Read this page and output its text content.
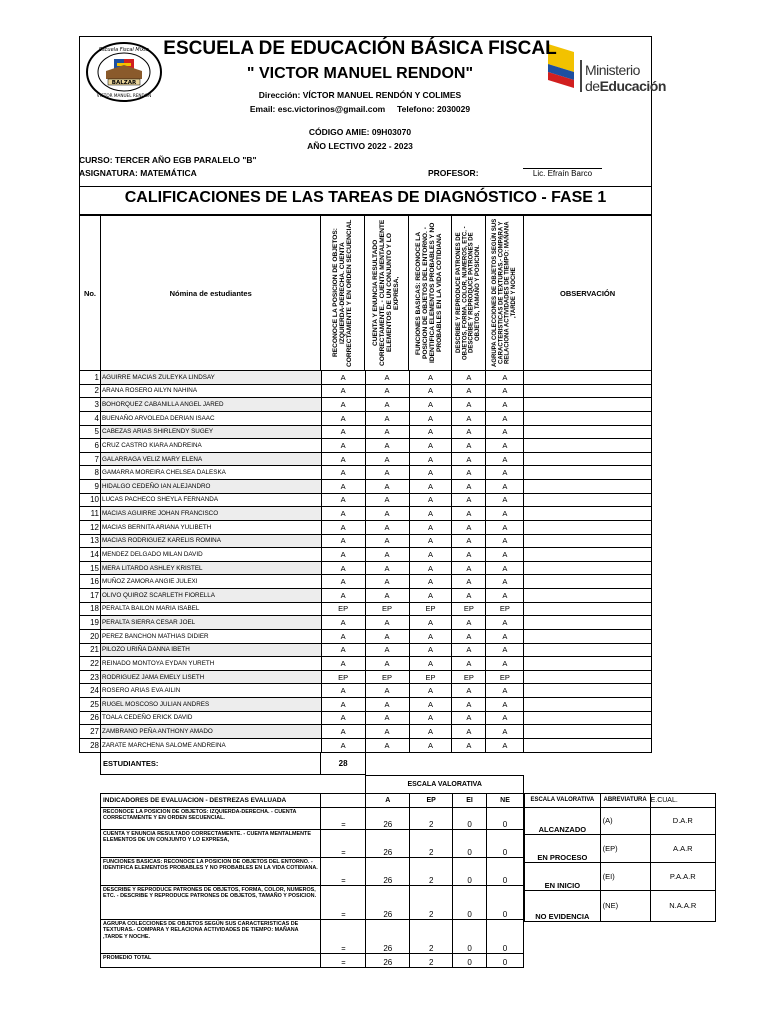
Escuela Fiscal Mixta
BALZAR
VICTOR MANUEL RENDON
Ministerio
deEducación
ESCUELA DE EDUCACIÓN BÁSICA FISCAL
" VICTOR MANUEL RENDON"
Dirección: VÍCTOR MANUEL RENDÓN Y COLIMES
Email: esc.victorinos@gmail.com     Telefono: 2030029
CÓDIGO AMIE: 09H03070
AÑO LECTIVO 2022 - 2023
CURSO: TERCER AÑO EGB PARALELO "B"
ASIGNATURA: MATEMÁTICA	PROFESOR:	Lic. Efraín Barco
CALIFICACIONES DE LAS TAREAS DE DIAGNÓSTICO - FASE 1
No.	Nómina de estudiantes	RECONOCE LA POSICION DE OBJETOS: IZQUIERDA-DERECHA. CUENTA CORRECTAMENTE Y EN ORDEN SECUENCIAL	CUENTA Y ENUNCIA RESULTADO CORRECTAMENTE. - CUENTA MENTALMENTE ELEMENTOS DE UN CONJUNTO Y LO EXPRESA,	FUNCIONES BASICAS: RECONOCE LA POSICION DE OBJETOS DEL ENTORNO. - IDENTIFICA ELEMENTOS PROBABLES Y NO PROBABLES EN LA VIDA COTIDIANA	DESCRIBE Y REPRODUCE PATRONES DE OBJETOS, FORMA, COLOR, NUMEROS, ETC. - DESCRIBE Y REPRODUCE PATRONES DE OBJETOS, TAMAÑO Y POSICION.	AGRUPA COLECCIONES DE OBJETOS SEGÚN SUS CARACTERISTICAS DE TEXTURAS.- COMPARA Y RELACIONA ACTIVIDADES DE TIEMPO: MAÑANA ,TARDE Y NOCHE	OBSERVACIÓN
1	AGUIRRE MACIAS ZULEYKA LINDSAY	A	A	A	A	A	
2	ARANA ROSERO AILYN NAHINA	A	A	A	A	A	
3	BOHORQUEZ CABANILLA ANGEL JARED	A	A	A	A	A	
4	BUENAÑO ARVOLEDA DERIAN ISAAC	A	A	A	A	A	
5	CABEZAS ARIAS SHIRLENDY SUGEY	A	A	A	A	A	
6	CRUZ CASTRO KIARA ANDREINA	A	A	A	A	A	
7	GALARRAGA VELIZ MARY ELENA	A	A	A	A	A	
8	GAMARRA MOREIRA CHELSEA DALESKA	A	A	A	A	A	
9	HIDALGO CEDEÑO IAN ALEJANDRO	A	A	A	A	A	
10	LUCAS PACHECO SHEYLA FERNANDA	A	A	A	A	A	
11	MACIAS AGUIRRE JOHAN FRANCISCO	A	A	A	A	A	
12	MACIAS BERNITA ARIANA YULIBETH	A	A	A	A	A	
13	MACIAS RODRIGUEZ KARELIS ROMINA	A	A	A	A	A	
14	MENDEZ DELGADO MILAN DAVID	A	A	A	A	A	
15	MERA LITARDO ASHLEY KRISTEL	A	A	A	A	A	
16	MUÑOZ ZAMORA ANGIE JULEXI	A	A	A	A	A	
17	OLIVO QUIROZ SCARLETH FIORELLA	A	A	A	A	A	
18	PERALTA BAILON MARIA ISABEL	EP	EP	EP	EP	EP	
19	PERALTA SIERRA CESAR JOEL	A	A	A	A	A	
20	PEREZ BANCHON MATHIAS DIDIER	A	A	A	A	A	
21	PILOZO URIÑA DANNA IBETH	A	A	A	A	A	
22	REINADO MONTOYA EYDAN YURETH	A	A	A	A	A	
23	RODRIGUEZ JAMA EMELY LISETH	EP	EP	EP	EP	EP	
24	ROSERO ARIAS EVA AILIN	A	A	A	A	A	
25	RUGEL MOSCOSO JULIAN ANDRES	A	A	A	A	A	
26	TOALA CEDEÑO ERICK DAVID	A	A	A	A	A	
27	ZAMBRANO PEÑA ANTHONY AMADO	A	A	A	A	A	
28	ZARATE MARCHENA SALOME ANDREINA	A	A	A	A	A	
ESTUDIANTES:	28
		ESCALA VALORATIVA			
INDICADORES DE EVALUACION - DESTREZAS EVALUADA		A	EP	EI	NE
RECONOCE LA POSICION DE OBJETOS: IZQUIERDA-DERECHA. - CUENTA CORRECTAMENTE Y EN ORDEN SECUENCIAL.	=	26	2	0	0
CUENTA Y ENUNCIA RESULTADO CORRECTAMENTE. - CUENTA MENTALMENTE ELEMENTOS DE UN CONJUNTO Y LO EXPRESA,	=	26	2	0	0
FUNCIONES BASICAS: RECONOCE LA POSICION DE OBJETOS DEL ENTORNO. - IDENTIFICA ELEMENTOS PROBABLES Y NO PROBABLES EN LA VIDA COTIDIANA.	=	26	2	0	0
DESCRIBE Y REPRODUCE PATRONES DE OBJETOS, FORMA, COLOR, NUMEROS, ETC. - DESCRIBE Y REPRODUCE PATRONES DE OBJETOS, TAMAÑO Y POSICION.	=	26	2	0	0
AGRUPA COLECCIONES DE OBJETOS SEGÚN SUS CARACTERISTICAS DE TEXTURAS.- COMPARA Y RELACIONA ACTIVIDADES DE TIEMPO: MAÑANA ,TARDE Y NOCHE.	=	26	2	0	0
PROMEDIO TOTAL	=	26	2	0	0
ESCALA VALORATIVA	ABREVIATURA	E.CUAL.
ALCANZADO	(A)	D.A.R
EN PROCESO	(EP)	A.A.R
EN INICIO	(EI)	P.A.A.R
NO EVIDENCIA	(NE)	N.A.A.R
